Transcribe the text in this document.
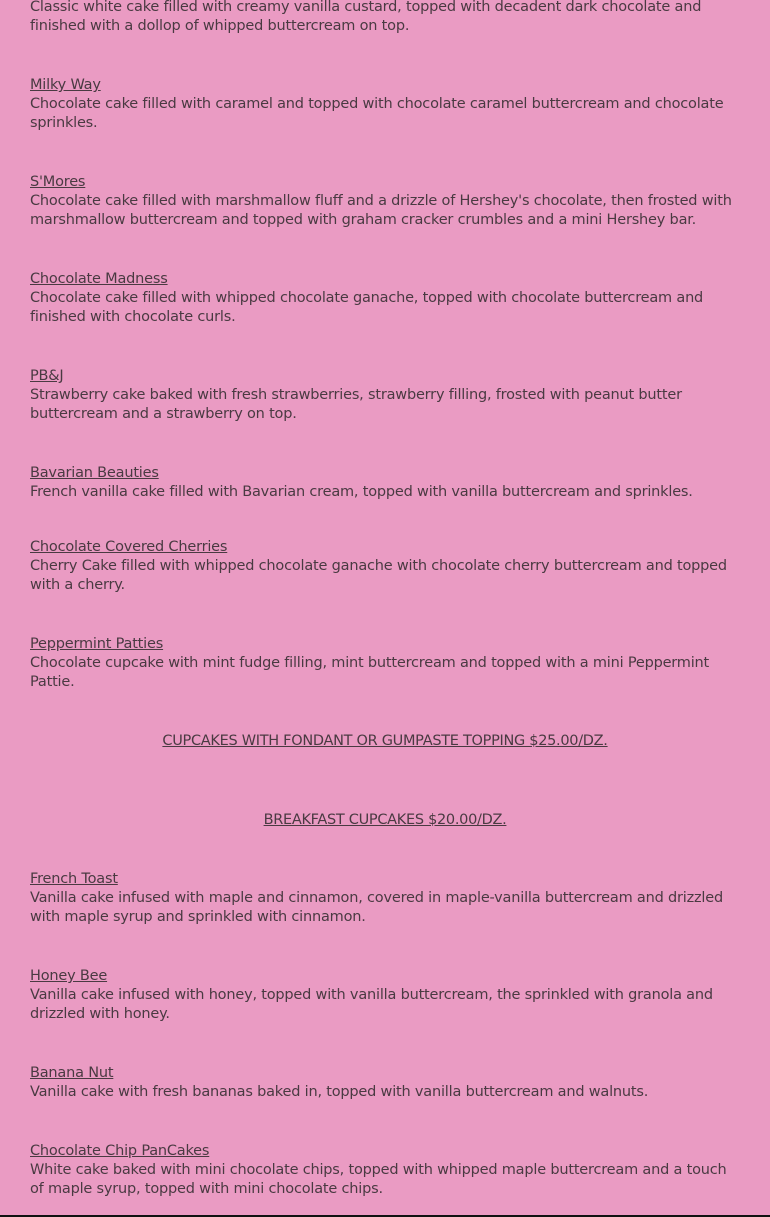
Classic white cake filled with creamy vanilla custard, topped with decadent dark chocolate and finished with a dollop of whipped buttercream on top.

Milky Way
Chocolate cake filled with caramel and topped with chocolate caramel buttercream and chocolate sprinkles.

S'Mores
Chocolate cake filled with marshmallow fluff and a drizzle of Hershey's chocolate, then frosted with marshmallow buttercream and topped with graham cracker crumbles and a mini Hershey bar.

Chocolate Madness
Chocolate cake filled with whipped chocolate ganache, topped with chocolate buttercream and finished with chocolate curls.

PB&J
Strawberry cake baked with fresh strawberries, strawberry filling, frosted with peanut butter buttercream and a strawberry on top.

Bavarian Beauties
French vanilla cake filled with Bavarian cream, topped with vanilla buttercream and sprinkles.

Chocolate Covered Cherries
Cherry Cake filled with whipped chocolate ganache with chocolate cherry buttercream and topped with a cherry.

Peppermint Patties
Chocolate cupcake with mint fudge filling, mint buttercream and topped with a mini Peppermint Pattie.

CUPCAKES WITH FONDANT OR GUMPASTE TOPPING $25.00/DZ.

BREAKFAST CUPCAKES $20.00/DZ.

French Toast
Vanilla cake infused with maple and cinnamon, covered in maple-vanilla buttercream and drizzled with maple syrup and sprinkled with cinnamon.

Honey Bee
Vanilla cake infused with honey, topped with vanilla buttercream, the sprinkled with granola and drizzled with honey.

Banana Nut
Vanilla cake with fresh bananas baked in, topped with vanilla buttercream and walnuts.

Chocolate Chip PanCakes
White cake baked with mini chocolate chips, topped with whipped maple buttercream and a touch of maple syrup, topped with mini chocolate chips.
